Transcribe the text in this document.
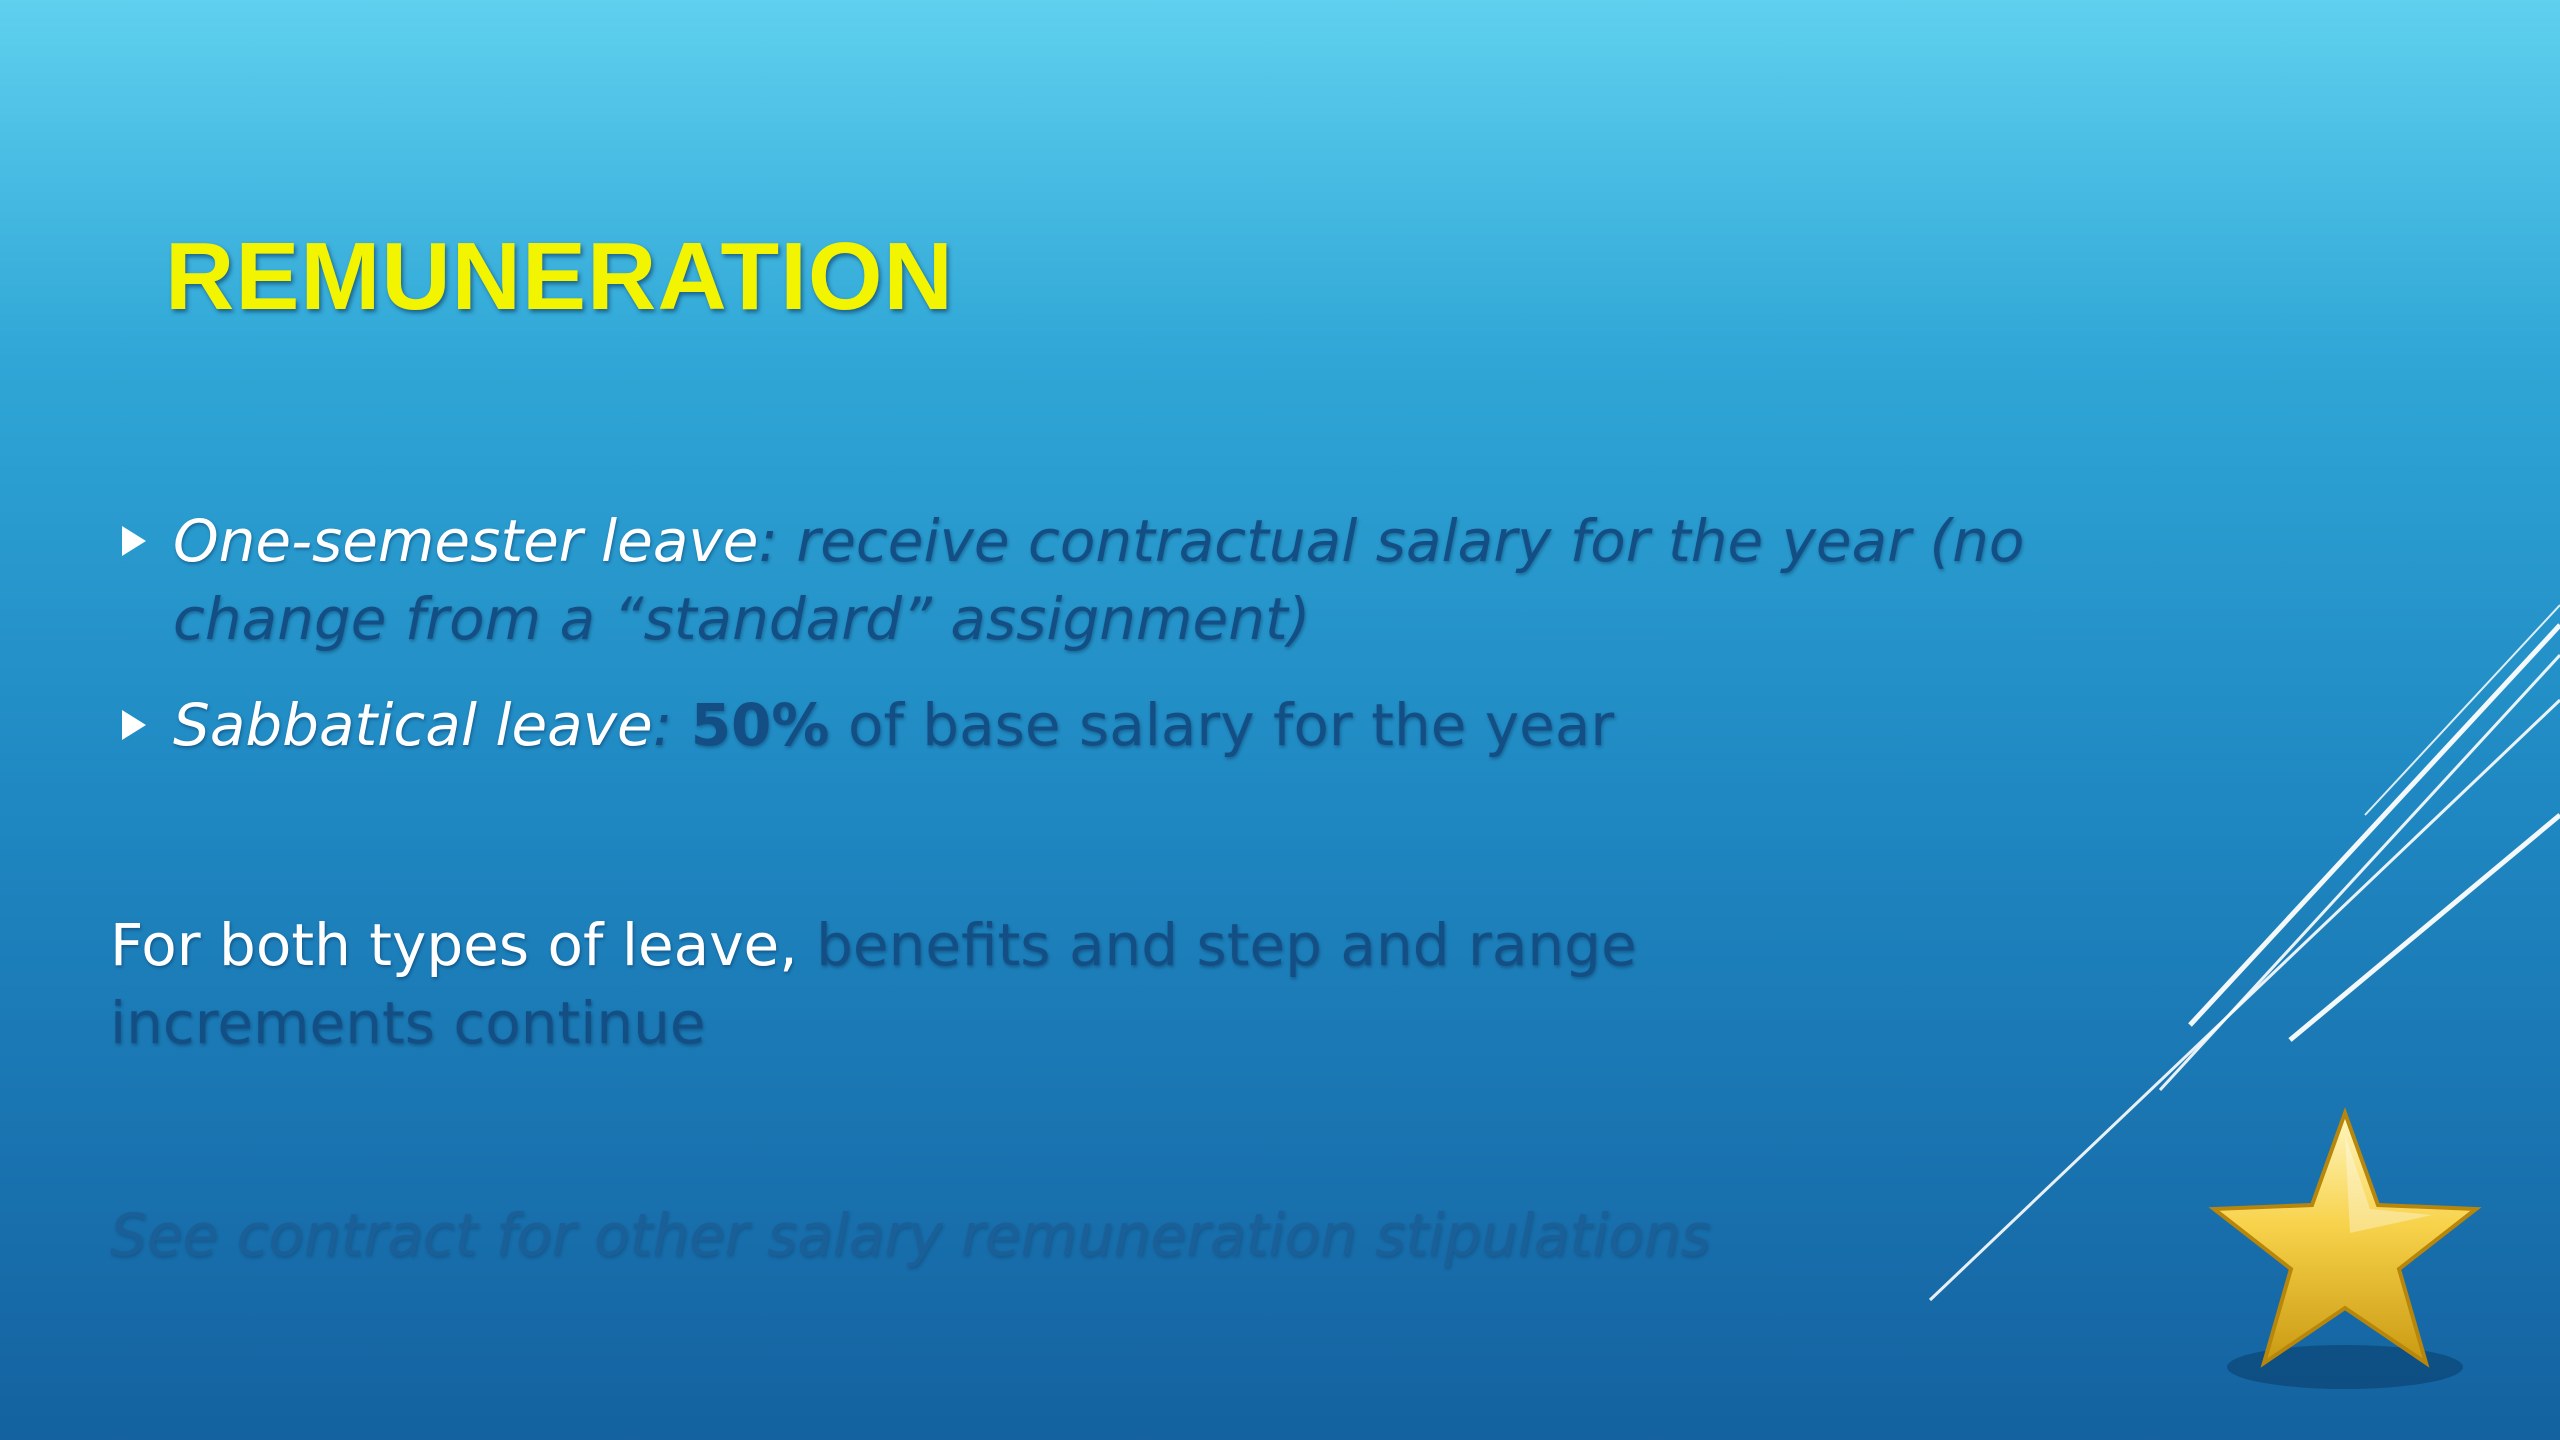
REMUNERATION
One-semester leave: receive contractual salary for the year (no change from a “standard” assignment)
Sabbatical leave: 50% of base salary for the year
For both types of leave, benefits and step and range increments continue
See contract for other salary remuneration stipulations
